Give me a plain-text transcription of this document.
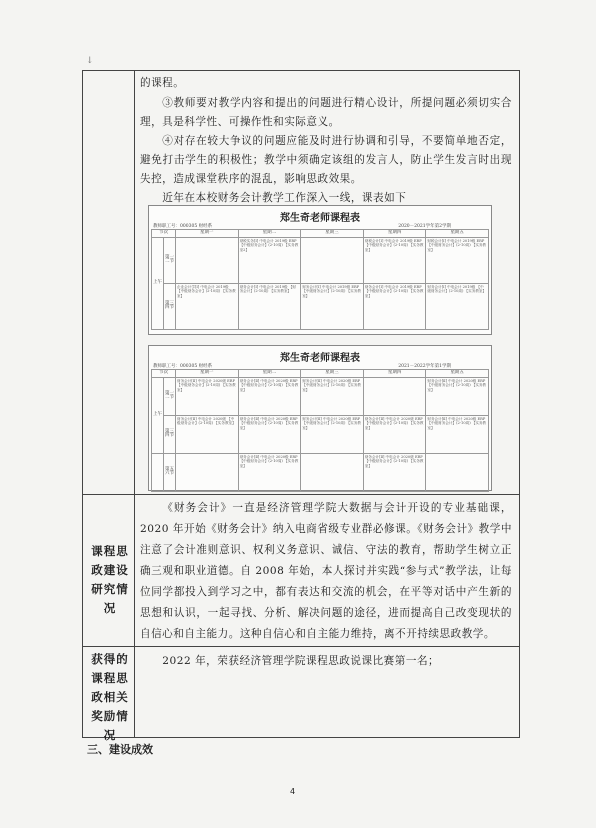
↓
的课程。
③教师要对教学内容和提出的问题进行精心设计，所提问题必须切实合理，具是科学性、可操作性和实际意义。
④对存在较大争议的问题应能及时进行协调和引导，不要简单地否定，避免打击学生的积极性；教学中须确定该组的发言人，防止学生发言时出现失控，造成课堂秩序的混乱，影响思政效果。
近年在本校财务会计教学工作深入一线，课表如下
郑生奇老师课程表
教师职工号：000305 财经系	2020－2021学年第2学期
节次		星期一	星期二	星期三	星期四	星期五
上午	第一二节		财税实务[Ⅰ] 中电会计 2019级 ERP 【中级财务会计】(2-10周) 【实务教室2】		财税会计[Ⅰ] 中电会计 2019级 ERP 【中级财务会计】(2-10周) 【实务教室】	财税会计[Ⅰ] 中电会计 2019级 ERP 【中级财务会计】(2-10周) 【实务教室】
	第三四节	企业会计学[Ⅰ] 中电会计 2019级 【中级财务会计】(2-10周) 【实务教室】	财务会计[Ⅰ] 中电会计 2019级 【财务会计】(2-10周) 【实务教室】	财务会计[Ⅰ] 中电会计 2019级 ERP 【中级财务会计】(2-10周) 【实务教室】	财务会计[Ⅰ] 中电会计 2019级 ERP 【中级财务会计】(2-10周) 【实务教室】	财务会计[Ⅰ] 中电会计 2019级 【中级财务会计】(2-10周) 【实务教室】
郑生奇老师课程表
教师职工号：000305 财经系	2021－2022学年第1学期
节次		星期一	星期二	星期三	星期四	星期五
上午	第一二节	财务会计[Ⅱ] 中电会计 2020级 ERP 【中级财务会计】(2-10周) 【实务教室】	财务会计[Ⅱ] 中电会计 2020级 ERP 【中级财务会计】(2-10周) 【实务教室】	财务会计[Ⅱ] 中电会计 2020级 ERP 【中级财务会计】(2-10周) 【实务教室】		财务会计[Ⅱ] 中电会计 2020级 ERP 【中级财务会计】(2-10周) 【实务教室】
	第三四节	财务会计[Ⅱ] 中电会计 2020级 【中级财务会计】(2-10周) 【实务教室】	财务会计[Ⅱ] 中电会计 2020级 ERP 【中级财务会计】(2-10周) 【实务教室】	财务会计[Ⅱ] 中电会计 2020级 ERP 【中级财务会计】(2-10周) 【实务教室】	财务会计[Ⅱ] 中电会计 2020级 ERP 【中级财务会计】(2-10周) 【实务教室】	财务会计[Ⅱ] 中电会计 2020级 ERP 【中级财务会计】(2-10周) 【实务教室】
	第五六节		财务会计[Ⅱ] 中电会计 2020级 ERP 【中级财务会计】(2-10周) 【实务教室】		财务会计[Ⅱ] 中电会计 2020级 ERP 【中级财务会计】(2-10周) 【实务教室】	
课程思政建设研究情况
《财务会计》一直是经济管理学院大数据与会计开设的专业基础课，2020 年开始《财务会计》纳入电商省级专业群必修课。《财务会计》教学中注意了会计准则意识、权利义务意识、诚信、守法的教育，帮助学生树立正确三观和职业道德。自 2008 年始，本人探讨并实践“参与式”教学法，让每位同学都投入到学习之中，都有表达和交流的机会，在平等对话中产生新的思想和认识，一起寻找、分析、解决问题的途径，进而提高自己改变现状的自信心和自主能力。这种自信心和自主能力维持，离不开持续思政教学。
获得的课程思政相关奖励情况
2022 年，荣获经济管理学院课程思政说课比赛第一名；
三、建设成效
4
